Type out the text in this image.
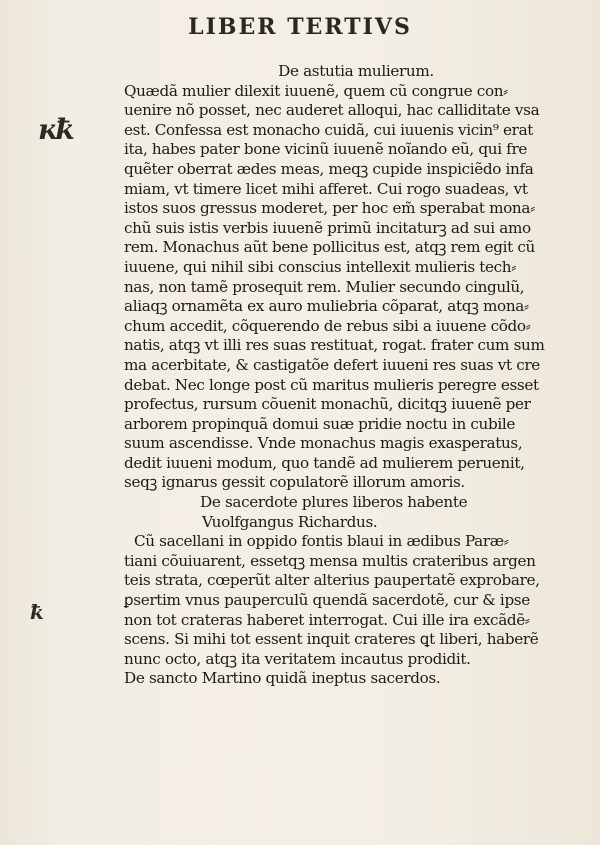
LIBER TERTIVS
ĸꝁ
ꝁ
De astutia mulierum.
Quædã mulier dilexit iuuenẽ, quem cũ congrue con⸗
uenire nõ posset, nec auderet alloqui, hac calliditate vsa
est. Confessa est monacho cuidã, cui iuuenis vicin⁹ erat
ita, habes pater bone vicinũ iuuenẽ noĩando eũ, qui fre
quẽter oberrat ædes meas, meqꝫ cupide inspiciẽdo infa
miam, vt timere licet mihi afferet. Cui rogo suadeas, vt
istos suos gressus moderet, per hoc em̃ sperabat mona⸗
chũ suis istis verbis iuuenẽ primũ incitaturꝫ ad sui amo
rem. Monachus aũt bene pollicitus est, atqꝫ rem egit cũ
iuuene, qui nihil sibi conscius intellexit mulieris tech⸗
nas, non tamẽ prosequit rem. Mulier secundo cingulũ,
aliaqꝫ ornamẽta ex auro muliebria cõparat, atqꝫ mona⸗
chum accedit, cõquerendo de rebus sibi a iuuene cõdo⸗
natis, atqꝫ vt illi res suas restituat, rogat. frater cum sum
ma acerbitate, & castigatõe defert iuueni res suas vt cre
debat. Nec longe post cũ maritus mulieris peregre esset
profectus, rursum cõuenit monachũ, dicitqꝫ iuuenẽ per
arborem propinquã domui suæ pridie noctu in cubile
suum ascendisse. Vnde monachus magis exasperatus,
dedit iuueni modum, quo tandẽ ad mulierem peruenit,
seqꝫ ignarus gessit copulatorẽ illorum amoris.
De sacerdote plures liberos habente
Vuolfgangus Richardus.
Cũ sacellani in oppido fontis blaui in ædibus Paræ⸗
tiani cõuiuarent, essetqꝫ mensa multis crateribus argen
teis strata, cœperũt alter alterius paupertatẽ exprobare,
ꝑsertim vnus pauperculũ quendã sacerdotẽ, cur & ipse
non tot crateras haberet interrogat. Cui ille ira excãdẽ⸗
scens. Si mihi tot essent inquit crateres ꝗt liberi, haberẽ
nunc octo, atqꝫ ita veritatem incautus prodidit.
De sancto Martino quidã ineptus sacerdos.
